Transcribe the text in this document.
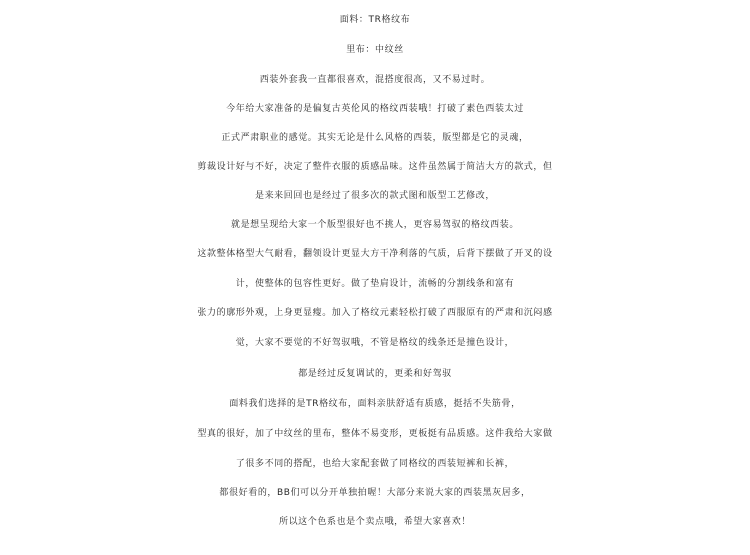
面料：TR格纹布
里布：中纹丝
西装外套我一直都很喜欢，混搭度很高，又不易过时。
今年给大家准备的是偏复古英伦风的格纹西装哦！打破了素色西装太过
正式严肃职业的感觉。其实无论是什么风格的西装，版型都是它的灵魂，
剪裁设计好与不好，决定了整件衣服的质感品味。这件虽然属于简洁大方的款式，但
是来来回回也是经过了很多次的款式图和版型工艺修改，
就是想呈现给大家一个版型很好也不挑人，更容易驾驭的格纹西装。
这款整体格型大气耐看，翻领设计更显大方干净利落的气质，后背下摆做了开叉的设
计，使整体的包容性更好。做了垫肩设计，流畅的分割线条和富有
张力的廓形外观，上身更显瘦。加入了格纹元素轻松打破了西服原有的严肃和沉闷感
觉，大家不要觉的不好驾驭哦，不管是格纹的线条还是撞色设计，
都是经过反复调试的，更柔和好驾驭
面料我们选择的是TR格纹布，面料亲肤舒适有质感，挺括不失筋骨，
型真的很好，加了中纹丝的里布，整体不易变形，更板挺有品质感。这件我给大家做
了很多不同的搭配，也给大家配套做了同格纹的西装短裤和长裤，
都很好看的，BB们可以分开单独拍喔！大部分来说大家的西装黑灰居多，
所以这个色系也是个卖点哦，希望大家喜欢！
